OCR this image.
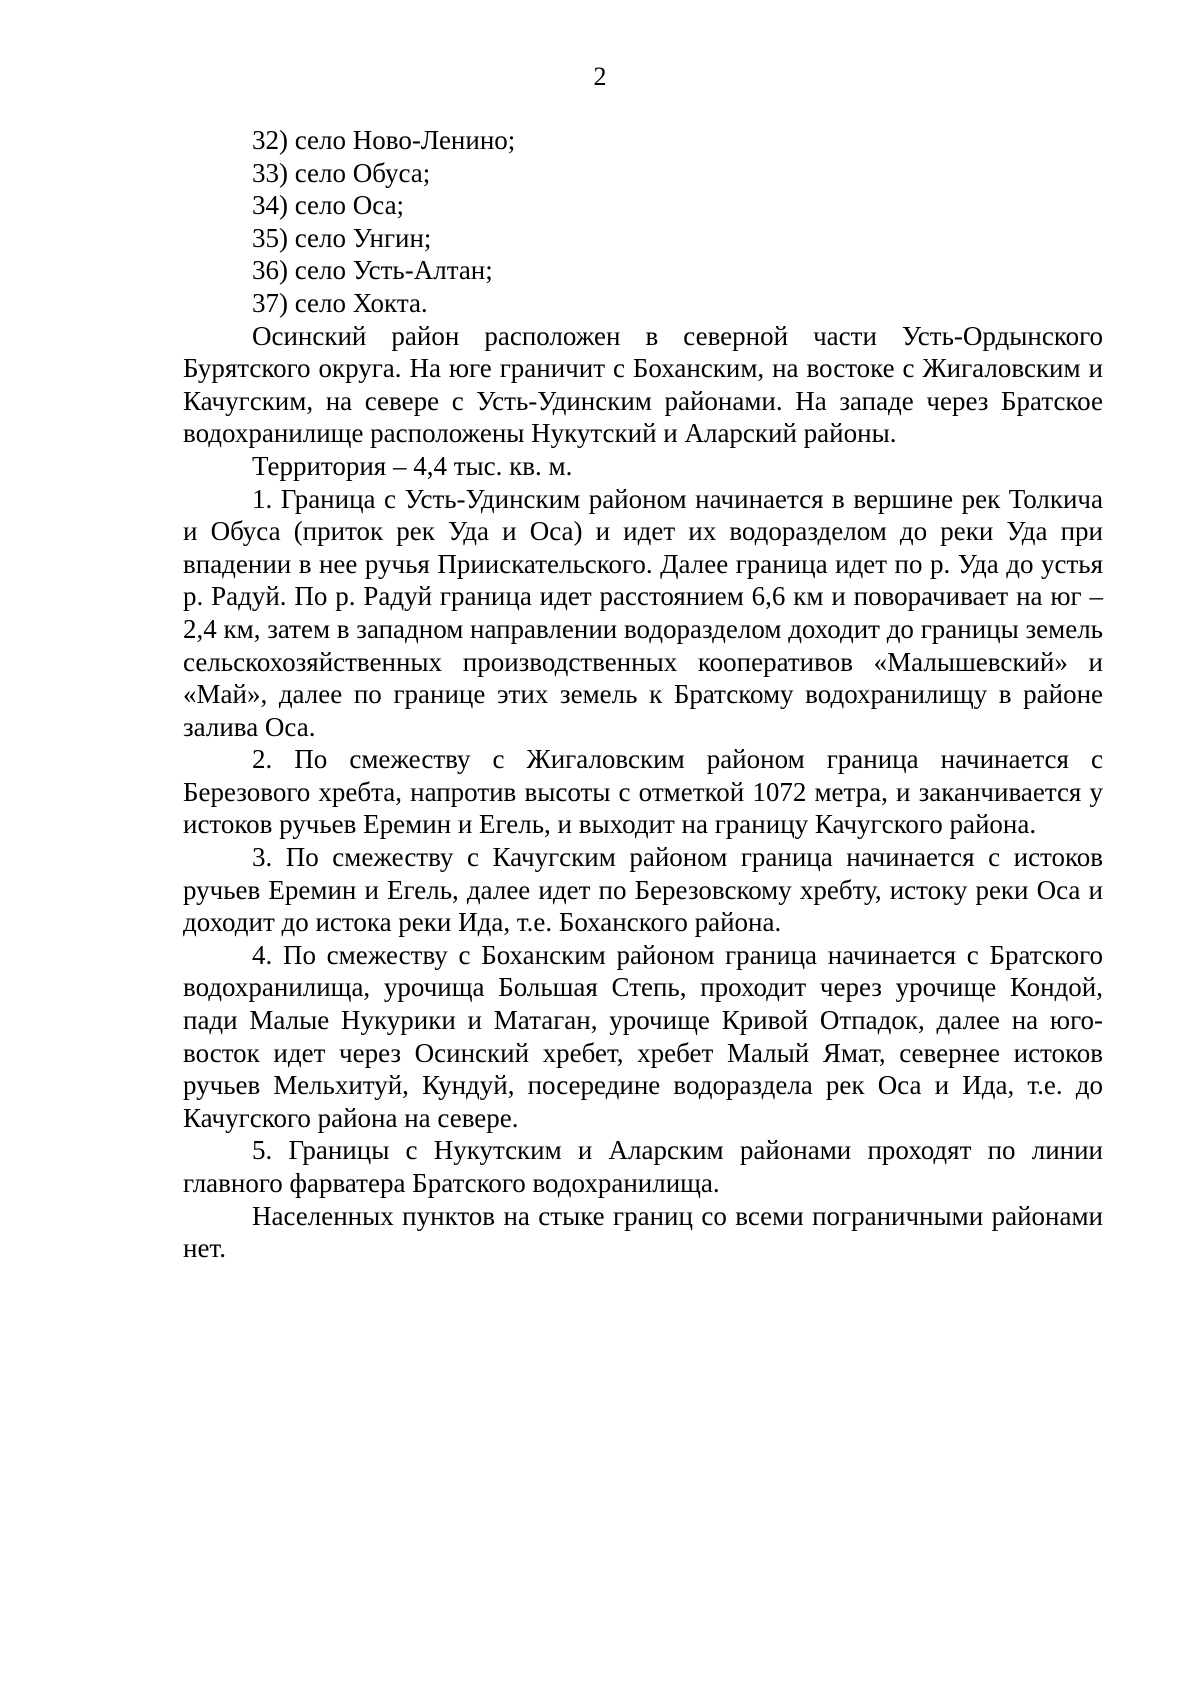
2

32) село Ново-Ленино;

33) село Обуса;

34) село Оса;

35) село Унгин;

36) село Усть-Алтан;

37) село Хокта.

Осинский район расположен в северной части Усть-Ордынского Бурятского округа. На юге граничит с Боханским, на востоке с Жигаловским и Качугским, на севере с Усть-Удинским районами. На западе через Братское водохранилище расположены Нукутский и Аларский районы.

Территория – 4,4 тыс. кв. м.

1. Граница с Усть-Удинским районом начинается в вершине рек Толкича и Обуса (приток рек Уда и Оса) и идет их водоразделом до реки Уда при впадении в нее ручья Приискательского. Далее граница идет по р. Уда до устья р. Радуй. По р. Радуй граница идет расстоянием 6,6 км и поворачивает на юг – 2,4 км, затем в западном направлении водоразделом доходит до границы земель сельскохозяйственных производственных кооперативов «Малышевский» и «Май», далее по границе этих земель к Братскому водохранилищу в районе залива Оса.

2. По смежеству с Жигаловским районом граница начинается с Березового хребта, напротив высоты с отметкой 1072 метра, и заканчивается у истоков ручьев Еремин и Егель, и выходит на границу Качугского района.

3. По смежеству с Качугским районом граница начинается с истоков ручьев Еремин и Егель, далее идет по Березовскому хребту, истоку реки Оса и доходит до истока реки Ида, т.е. Боханского района.

4. По смежеству с Боханским районом граница начинается с Братского водохранилища, урочища Большая Степь, проходит через урочище Кондой, пади Малые Нукурики и Матаган, урочище Кривой Отпадок, далее на юго-восток идет через Осинский хребет, хребет Малый Ямат, севернее истоков ручьев Мельхитуй, Кундуй, посередине водораздела рек Оса и Ида, т.е. до Качугского района на севере.

5. Границы с Нукутским и Аларским районами проходят по линии главного фарватера Братского водохранилища.

Населенных пунктов на стыке границ со всеми пограничными районами нет.
